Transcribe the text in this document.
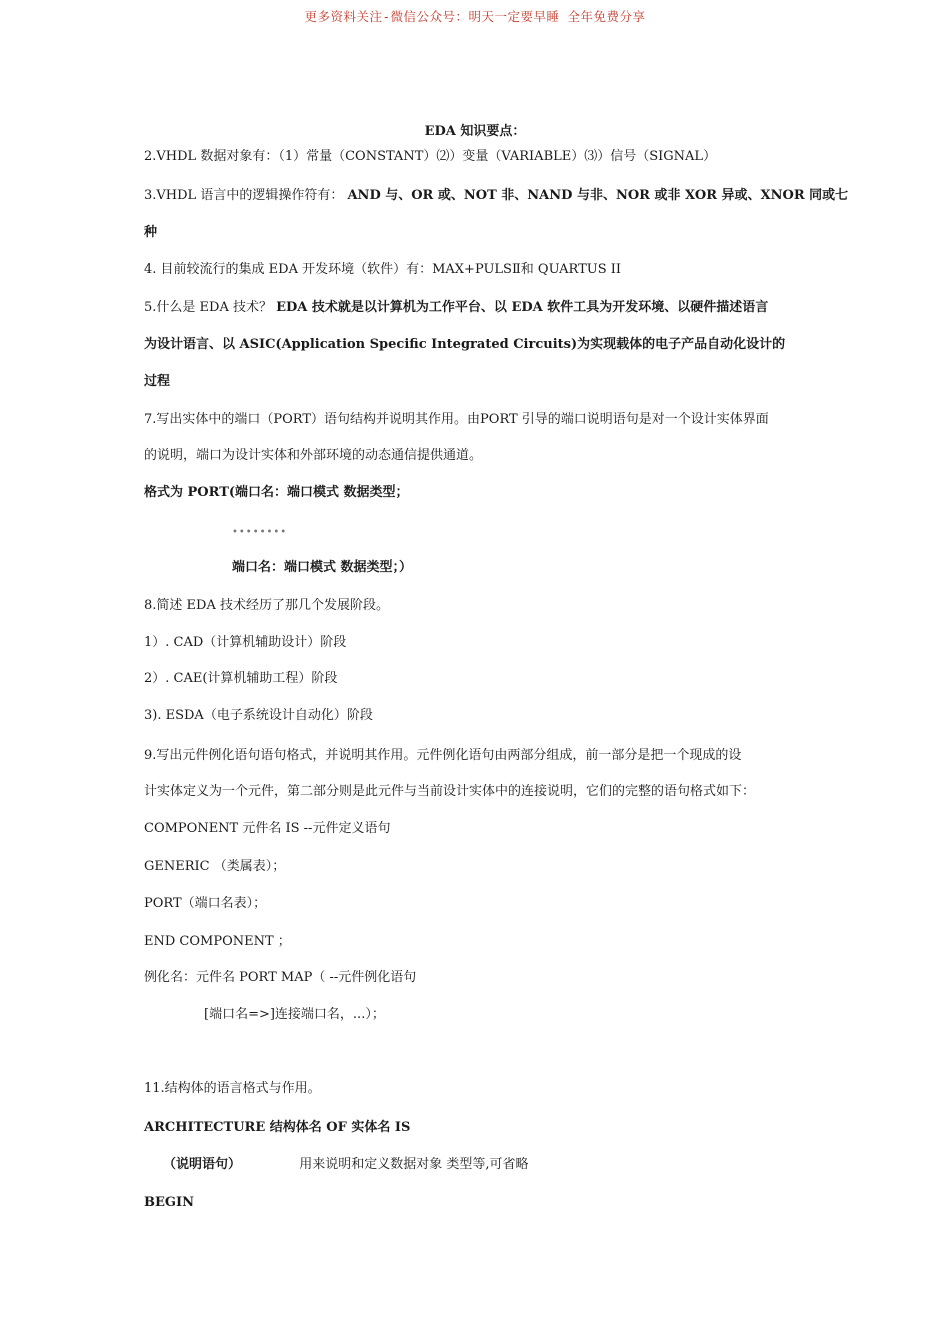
更多资料关注-微信公众号：明天一定要早睡 全年免费分享
EDA 知识要点：
2.VHDL 数据对象有：（1）常量（CONSTANT）⑵）变量（VARIABLE）⑶）信号（SIGNAL）
3.VHDL 语言中的逻辑操作符有： AND 与、OR 或、NOT 非、NAND 与非、NOR 或非 XOR 异或、XNOR 同或七
种
4. 目前较流行的集成 EDA 开发环境（软件）有：MAX+PULSⅡ和 QUARTUS II
5.什么是 EDA 技术？ EDA 技术就是以计算机为工作平台、以 EDA 软件工具为开发环境、以硬件描述语言
为设计语言、以 ASIC(Application Specific Integrated Circuits)为实现载体的电子产品自动化设计的
过程
7.写出实体中的端口（PORT）语句结构并说明其作用。由PORT 引导的端口说明语句是对一个设计实体界面
的说明，端口为设计实体和外部环境的动态通信提供通道。
格式为 PORT(端口名：端口模式 数据类型；
••••••••
端口名：端口模式 数据类型；）
8.简述 EDA 技术经历了那几个发展阶段。
1）. CAD（计算机辅助设计）阶段
2）. CAE(计算机辅助工程）阶段
3). ESDA（电子系统设计自动化）阶段
9.写出元件例化语句语句格式，并说明其作用。元件例化语句由两部分组成，前一部分是把一个现成的设
计实体定义为一个元件，第二部分则是此元件与当前设计实体中的连接说明，它们的完整的语句格式如下：
COMPONENT 元件名 IS --元件定义语句
GENERIC （类属表）；
PORT（端口名表）；
END COMPONENT ；
例化名：元件名 PORT MAP（ --元件例化语句
[端口名=>]连接端口名，...）；
11.结构体的语言格式与作用。
ARCHITECTURE 结构体名 OF 实体名 IS
（说明语句）	用来说明和定义数据对象 类型等,可省略
BEGIN
